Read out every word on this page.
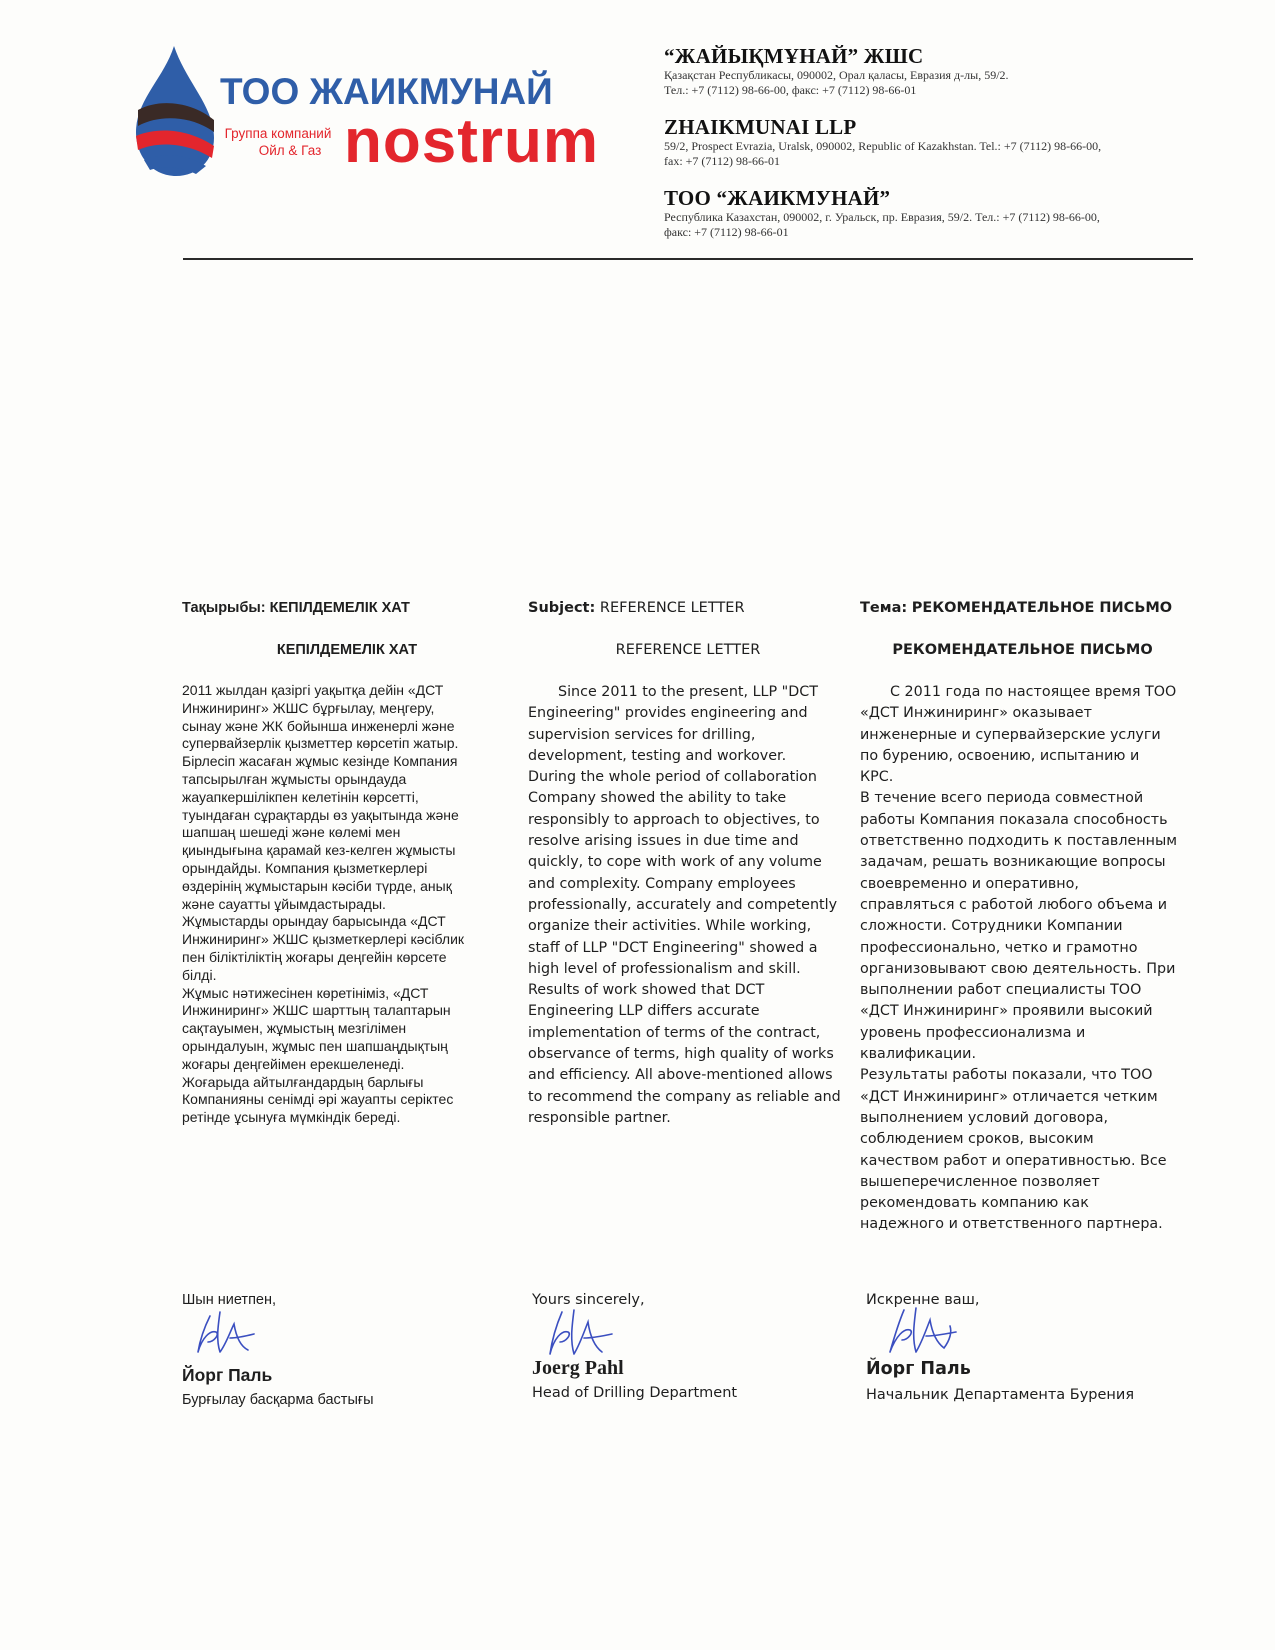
ТОО ЖАИКМУНАЙ
Группа компаний
Ойл & Газ nostrum
“ЖАЙЫҚМҰНАЙ” ЖШС
Қазақстан Республикасы, 090002, Орал қаласы, Евразия д-лы, 59/2.
Тел.: +7 (7112) 98-66-00, факс: +7 (7112) 98-66-01
ZHAIKMUNAI LLP
59/2, Prospect Evrazia, Uralsk, 090002, Republic of Kazakhstan. Tel.: +7 (7112) 98-66-00,
fax: +7 (7112) 98-66-01
ТОО “ЖАИКМУНАЙ”
Республика Казахстан, 090002, г. Уральск, пр. Евразия, 59/2. Тел.: +7 (7112) 98-66-00,
факс: +7 (7112) 98-66-01
Тақырыбы: КЕПІЛДЕМЕЛІК ХАТ
КЕПІЛДЕМЕЛІК ХАТ
2011 жылдан қазіргі уақытқа дейін «ДСТ
Инжиниринг» ЖШС бұрғылау, меңгеру,
сынау және ЖК бойынша инженерлі және
супервайзерлік қызметтер көрсетіп жатыр.
Бірлесіп жасаған жұмыс кезінде Компания
тапсырылған жұмысты орындауда
жауапкершілікпен келетінін көрсетті,
туындаған сұрақтарды өз уақытында және
шапшаң шешеді және көлемі мен
қиындығына қарамай кез-келген жұмысты
орындайды. Компания қызметкерлері
өздерінің жұмыстарын кәсіби түрде, анық
және сауатты ұйымдастырады.
Жұмыстарды орындау барысында «ДСТ
Инжиниринг» ЖШС қызметкерлері кәсіблик
пен біліктіліктің жоғары деңгейін көрсете
білді.
Жұмыс нәтижесінен көретініміз, «ДСТ
Инжиниринг» ЖШС шарттың талаптарын
сақтауымен, жұмыстың мезгілімен
орындалуын, жұмыс пен шапшаңдықтың
жоғары деңгейімен ерекшеленеді.
Жоғарыда айтылғандардың барлығы
Компанияны сенімді әрі жауапты серіктес
ретінде ұсынуға мүмкіндік береді.
Subject: REFERENCE LETTER
REFERENCE LETTER
Since 2011 to the present, LLP "DCT
Engineering" provides engineering and
supervision services for drilling,
development, testing and workover.
During the whole period of collaboration
Company showed the ability to take
responsibly to approach to objectives, to
resolve arising issues in due time and
quickly, to cope with work of any volume
and complexity. Company employees
professionally, accurately and competently
organize their activities. While working,
staff of LLP "DCT Engineering" showed a
high level of professionalism and skill.
Results of work showed that DCT
Engineering LLP differs accurate
implementation of terms of the contract,
observance of terms, high quality of works
and efficiency. All above-mentioned allows
to recommend the company as reliable and
responsible partner.
Тема: РЕКОМЕНДАТЕЛЬНОЕ ПИСЬМО
РЕКОМЕНДАТЕЛЬНОЕ ПИСЬМО
С 2011 года по настоящее время ТОО
«ДСТ Инжиниринг» оказывает
инженерные и супервайзерские услуги
по бурению, освоению, испытанию и
КРС.
В течение всего периода совместной
работы Компания показала способность
ответственно подходить к поставленным
задачам, решать возникающие вопросы
своевременно и оперативно,
справляться с работой любого объема и
сложности. Сотрудники Компании
профессионально, четко и грамотно
организовывают свою деятельность. При
выполнении работ специалисты ТОО
«ДСТ Инжиниринг» проявили высокий
уровень профессионализма и
квалификации.
Результаты работы показали, что ТОО
«ДСТ Инжиниринг» отличается четким
выполнением условий договора,
соблюдением сроков, высоким
качеством работ и оперативностью. Все
вышеперечисленное позволяет
рекомендовать компанию как
надежного и ответственного партнера.
Шын ниетпен,
Йорг Паль
Бурғылау басқарма бастығы
Yours sincerely,
Joerg Pahl
Head of Drilling Department
Искренне ваш,
Йорг Паль
Начальник Департамента Бурения
